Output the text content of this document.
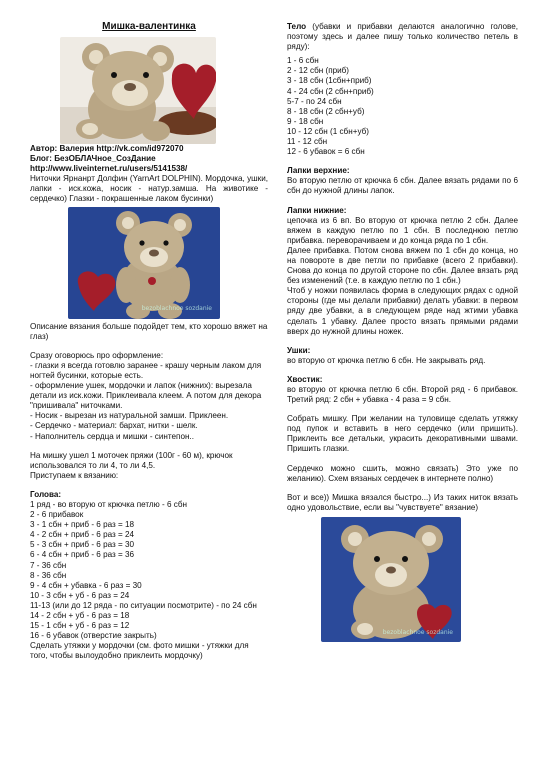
Мишка-валентинка
Автор: Валерия http://vk.com/id972070
Блог: БезОБЛАЧное_СозДание
http://www.liveinternet.ru/users/5141538/
Ниточки Ярнанрт Долфин (YarnArt DOLPHIN). Мордочка, ушки, лапки - иск.кожа, носик - натур.замша. На животике - сердечко) Глазки - покрашенные лаком бусинки)
bezoblachnoe sozdanie
Описание вязания больше подойдет тем, кто хорошо вяжет на глаз)
Сразу оговорюсь про оформление:
- глазки я всегда готовлю заранее - крашу черным лаком для ногтей бусинки, которые есть.
- оформление ушек, мордочки и лапок (нижних): вырезала детали из иск.кожи. Приклеивала клеем. А потом для декора "пришивала" ниточками.
- Носик - вырезан из натуральной замши. Приклеен.
- Сердечко - материал: бархат, нитки - шелк.
- Наполнитель сердца и мишки - синтепон..
На мишку ушел 1 моточек пряжи (100г - 60 м), крючок использовался то ли 4, то ли 4,5.
Приступаем к вязанию:
Голова:
1 ряд - во вторую от крючка петлю - 6 сбн
2 - 6 прибавок
3 - 1 сбн + приб - 6 раз = 18
4 - 2 сбн + приб - 6 раз = 24
5 - 3 сбн + приб - 6 раз = 30
6 - 4 сбн + приб - 6 раз = 36
7 - 36 сбн
8 - 36 сбн
9 - 4 сбн + убавка - 6 раз = 30
10 - 3 сбн + уб - 6 раз = 24
11-13 (или до 12 ряда - по ситуации посмотрите) - по 24 сбн
14 - 2 сбн + уб - 6 раз = 18
15 - 1 сбн + уб - 6 раз = 12
16 - 6 убавок (отверстие закрыть)
Сделать утяжки у мордочки (см. фото мишки - утяжки для того, чтобы вылоудобно приклеить мордочку)
Тело (убавки и прибавки делаются аналогично голове, поэтому здесь и далее пишу только количество петель в ряду):
1 - 6 сбн
2 - 12 сбн (приб)
3 - 18 сбн (1сбн+приб)
4 - 24 сбн (2 сбн+приб)
5-7 - по 24 сбн
8 - 18 сбн (2 сбн+уб)
9 - 18 сбн
10 - 12 сбн (1 сбн+уб)
11 - 12 сбн
12 - 6 убавок = 6 сбн
Лапки верхние:
Во вторую петлю от крючка 6 сбн. Далее вязать рядами по 6 сбн до нужной длины лапок.
Лапки нижние:
цепочка из 6 вп. Во вторую от крючка петлю 2 сбн. Далее вяжем в каждую петлю по 1 сбн. В последнюю петлю прибавка. переворачиваем и до конца ряда по 1 сбн.
Далее прибавка. Потом снова вяжем по 1 сбн до конца, но на повороте в две петли по прибавке (всего 2 прибавки). Снова до конца по другой стороне по сбн. Далее вязать ряд без изменений (т.е. в каждую петлю по 1 сбн.)
Чтоб у ножки появилась форма в следующих рядах с одной стороны (где мы делали прибавки) делать убавки: в первом ряду две убавки, а в следующем ряде над жтими убавка сделать 1 убавку. Далее просто вязать прямыми рядами вверх до нужной длины ножек.
Ушки:
во вторую от крючка петлю 6 сбн. Не закрывать ряд.
Хвостик:
во вторую от крючка петлю 6 сбн. Второй ряд - 6 прибавок. Третий ряд: 2 сбн + убавка - 4 раза = 9 сбн.
Собрать мишку. При желании на туловище сделать утяжку под пупок и вставить в него сердечко (или пришить). Приклеить все детальки, украсить декоративными швами. Пришить глазки.
Сердечко можно сшить, можно связать) Это уже по желанию). Схем вязаных сердечек в интернете полно)
Вот и все)) Мишка вязался быстро...) Из таких ниток вязать одно удовольствие, если вы "чувствуете" вязание)
bezoblachnoe sozdanie
